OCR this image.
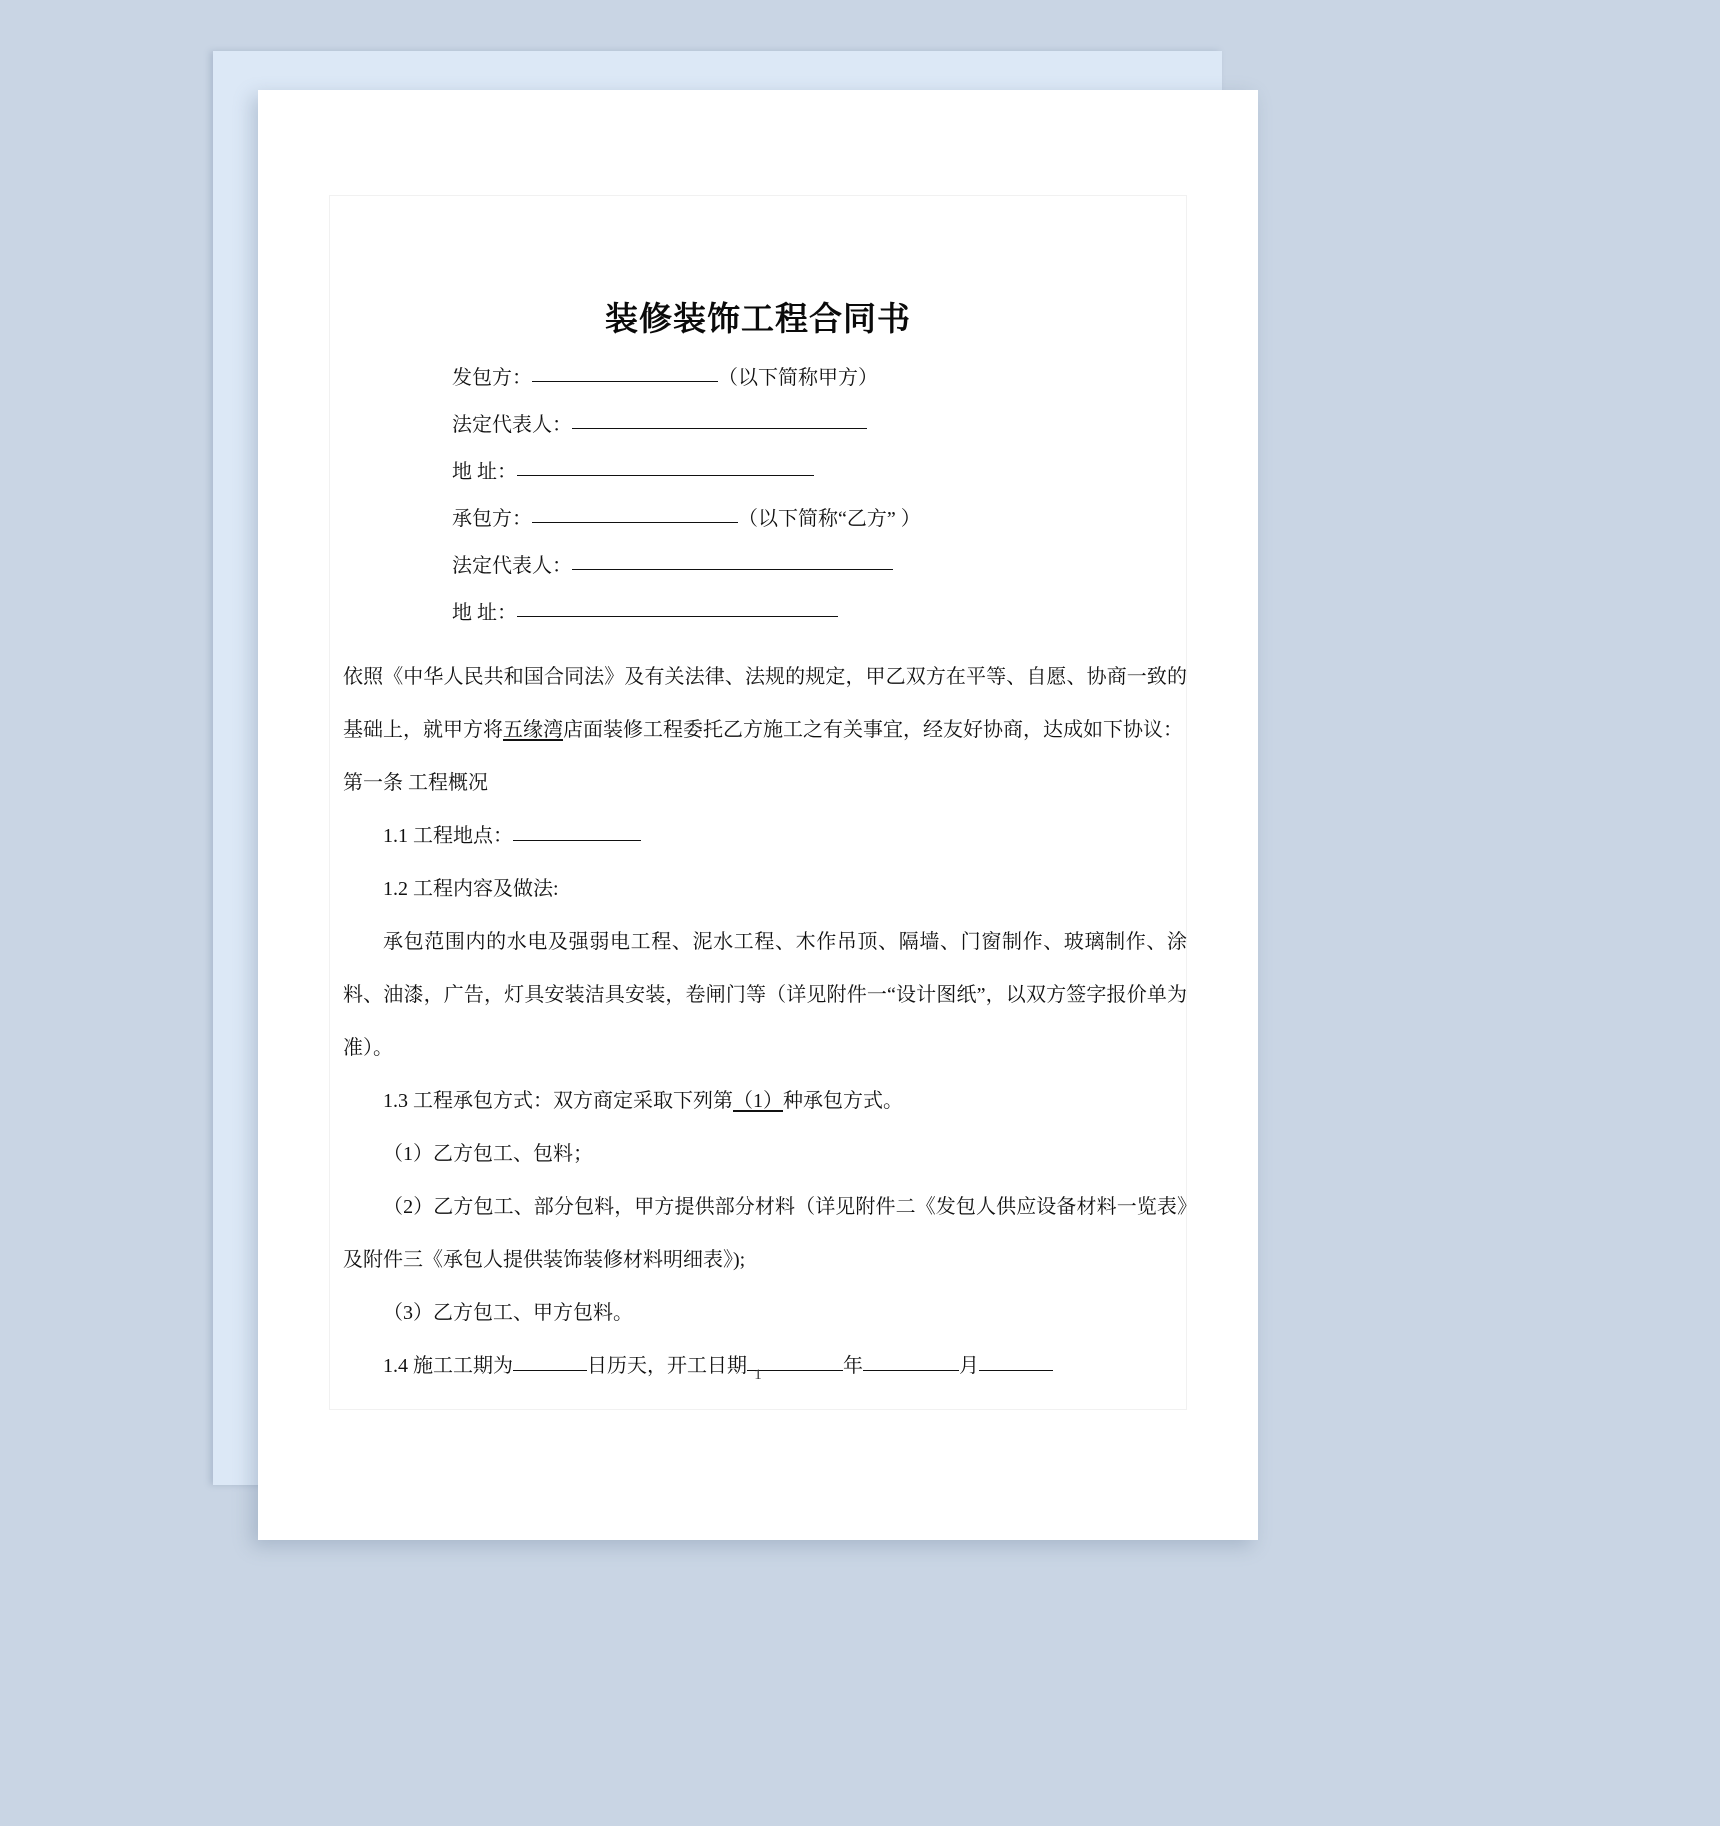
装修装饰工程合同书
发包方：	（以下简称甲方）
法定代表人：
地 址：
承包方：	（以下简称“乙方” ）
法定代表人：
地 址：

依照《中华人民共和国合同法》及有关法律、法规的规定，甲乙双方在平等、自愿、协商一致的基础上，就甲方将五缘湾店面装修工程委托乙方施工之有关事宜，经友好协商，达成如下协议：

第一条 工程概况

1.1 工程地点：

1.2 工程内容及做法:

承包范围内的水电及强弱电工程、泥水工程、木作吊顶、隔墙、门窗制作、玻璃制作、涂料、油漆，广告，灯具安装洁具安装，卷闸门等（详见附件一“设计图纸”，以双方签字报价单为准）。

1.3 工程承包方式：双方商定采取下列第（1）种承包方式。

（1）乙方包工、包料；

（2）乙方包工、部分包料，甲方提供部分材料（详见附件二《发包人供应设备材料一览表》及附件三《承包人提供装饰装修材料明细表》);

（3）乙方包工、甲方包料。

1.4 施工工期为	日历天，开工日期	年	月

1
